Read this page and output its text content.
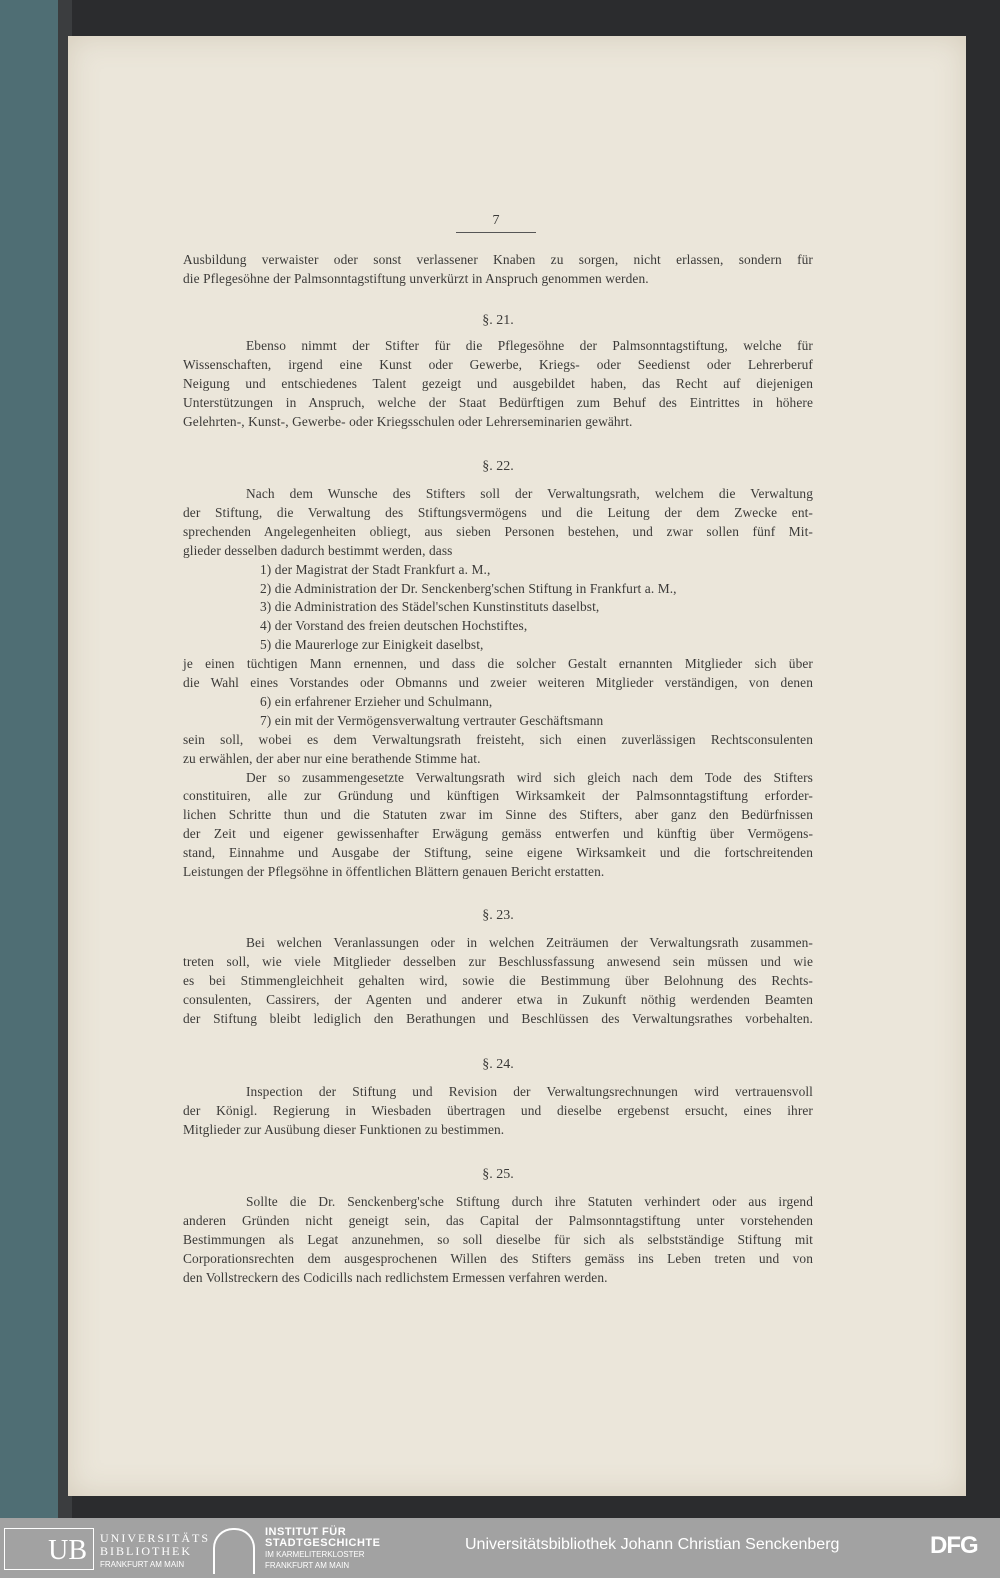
7
Ausbildung verwaister oder sonst verlassener Knaben zu sorgen, nicht erlassen, sondern für
die Pflegesöhne der Palmsonntagstiftung unverkürzt in Anspruch genommen werden.
§. 21.
Ebenso nimmt der Stifter für die Pflegesöhne der Palmsonntagstiftung, welche für
Wissenschaften, irgend eine Kunst oder Gewerbe, Kriegs- oder Seedienst oder Lehrerberuf
Neigung und entschiedenes Talent gezeigt und ausgebildet haben, das Recht auf diejenigen
Unterstützungen in Anspruch, welche der Staat Bedürftigen zum Behuf des Eintrittes in höhere
Gelehrten-, Kunst-, Gewerbe- oder Kriegsschulen oder Lehrerseminarien gewährt.
§. 22.
Nach dem Wunsche des Stifters soll der Verwaltungsrath, welchem die Verwaltung
der Stiftung, die Verwaltung des Stiftungsvermögens und die Leitung der dem Zwecke ent-
sprechenden Angelegenheiten obliegt, aus sieben Personen bestehen, und zwar sollen fünf Mit-
glieder desselben dadurch bestimmt werden, dass
1) der Magistrat der Stadt Frankfurt a. M.,
2) die Administration der Dr. Senckenberg'schen Stiftung in Frankfurt a. M.,
3) die Administration des Städel'schen Kunstinstituts daselbst,
4) der Vorstand des freien deutschen Hochstiftes,
5) die Maurerloge zur Einigkeit daselbst,
je einen tüchtigen Mann ernennen, und dass die solcher Gestalt ernannten Mitglieder sich über
die Wahl eines Vorstandes oder Obmanns und zweier weiteren Mitglieder verständigen, von denen
6) ein erfahrener Erzieher und Schulmann,
7) ein mit der Vermögensverwaltung vertrauter Geschäftsmann
sein soll, wobei es dem Verwaltungsrath freisteht, sich einen zuverlässigen Rechtsconsulenten
zu erwählen, der aber nur eine berathende Stimme hat.
Der so zusammengesetzte Verwaltungsrath wird sich gleich nach dem Tode des Stifters
constituiren, alle zur Gründung und künftigen Wirksamkeit der Palmsonntagstiftung erforder-
lichen Schritte thun und die Statuten zwar im Sinne des Stifters, aber ganz den Bedürfnissen
der Zeit und eigener gewissenhafter Erwägung gemäss entwerfen und künftig über Vermögens-
stand, Einnahme und Ausgabe der Stiftung, seine eigene Wirksamkeit und die fortschreitenden
Leistungen der Pflegsöhne in öffentlichen Blättern genauen Bericht erstatten.
§. 23.
Bei welchen Veranlassungen oder in welchen Zeiträumen der Verwaltungsrath zusammen-
treten soll, wie viele Mitglieder desselben zur Beschlussfassung anwesend sein müssen und wie
es bei Stimmengleichheit gehalten wird, sowie die Bestimmung über Belohnung des Rechts-
consulenten, Cassirers, der Agenten und anderer etwa in Zukunft nöthig werdenden Beamten
der Stiftung bleibt lediglich den Berathungen und Beschlüssen des Verwaltungsrathes vorbehalten.
§. 24.
Inspection der Stiftung und Revision der Verwaltungsrechnungen wird vertrauensvoll
der Königl. Regierung in Wiesbaden übertragen und dieselbe ergebenst ersucht, eines ihrer
Mitglieder zur Ausübung dieser Funktionen zu bestimmen.
§. 25.
Sollte die Dr. Senckenberg'sche Stiftung durch ihre Statuten verhindert oder aus irgend
anderen Gründen nicht geneigt sein, das Capital der Palmsonntagstiftung unter vorstehenden
Bestimmungen als Legat anzunehmen, so soll dieselbe für sich als selbstständige Stiftung mit
Corporationsrechten dem ausgesprochenen Willen des Stifters gemäss ins Leben treten und von
den Vollstreckern des Codicills nach redlichstem Ermessen verfahren werden.
UB UNIVERSITÄTS
BIBLIOTHEK
FRANKFURT AM MAIN
INSTITUT FÜR
STADTGESCHICHTE
IM KARMELITERKLOSTER
FRANKFURT AM MAIN
Universitätsbibliothek Johann Christian Senckenberg	DFG
